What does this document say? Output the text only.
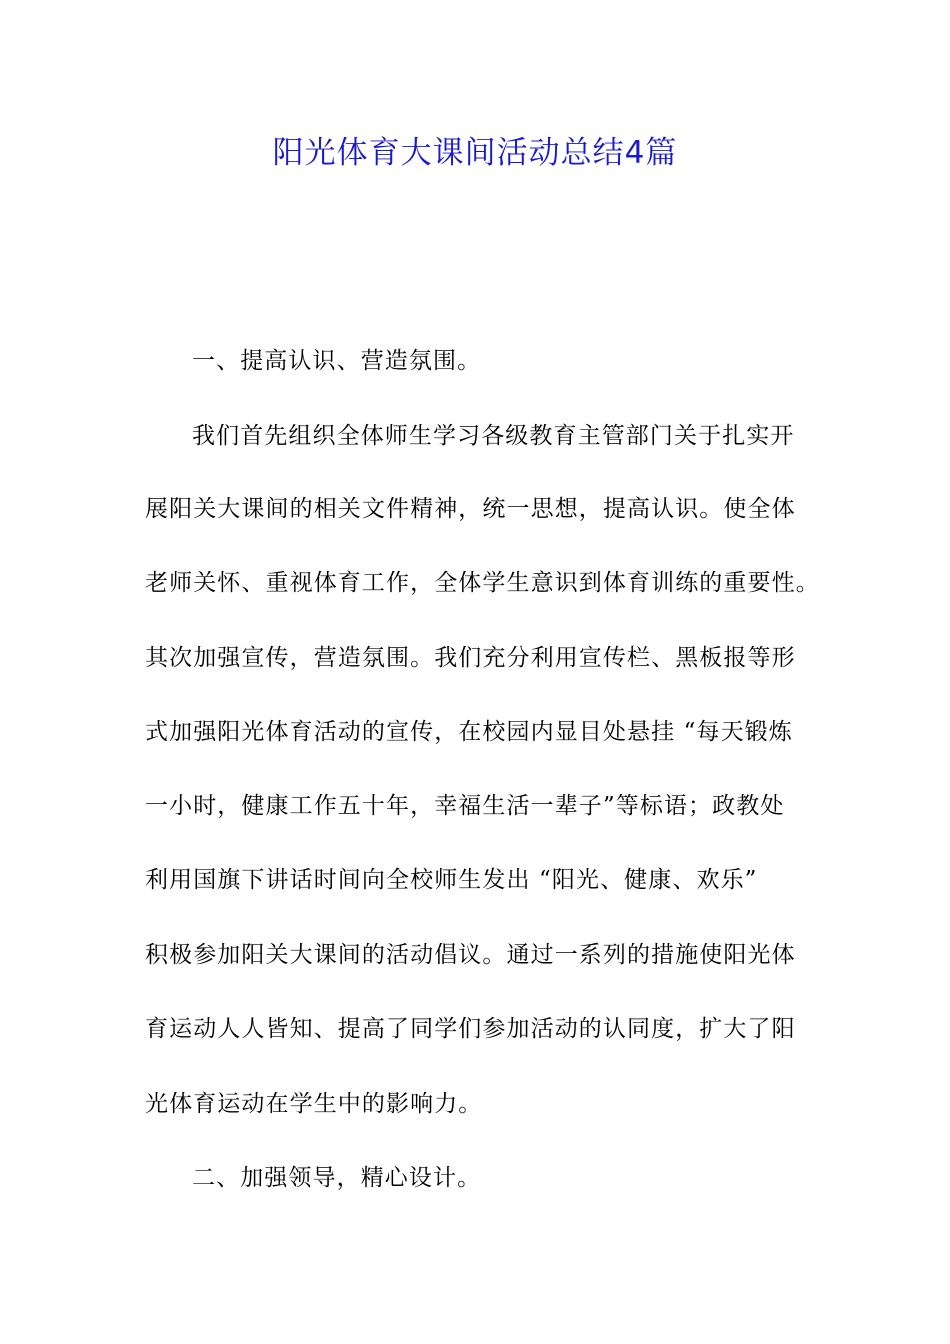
阳光体育大课间活动总结4篇
一、提高认识、营造氛围。
我们首先组织全体师生学习各级教育主管部门关于扎实开
展阳关大课间的相关文件精神，统一思想，提高认识。使全体
老师关怀、重视体育工作，全体学生意识到体育训练的重要性。
其次加强宣传，营造氛围。我们充分利用宣传栏、黑板报等形
式加强阳光体育活动的宣传，在校园内显目处悬挂 “每天锻炼
一小时，健康工作五十年，幸福生活一辈子”等标语；政教处
利用国旗下讲话时间向全校师生发出 “阳光、健康、欢乐”
积极参加阳关大课间的活动倡议。通过一系列的措施使阳光体
育运动人人皆知、提高了同学们参加活动的认同度，扩大了阳
光体育运动在学生中的影响力。
二、加强领导，精心设计。
